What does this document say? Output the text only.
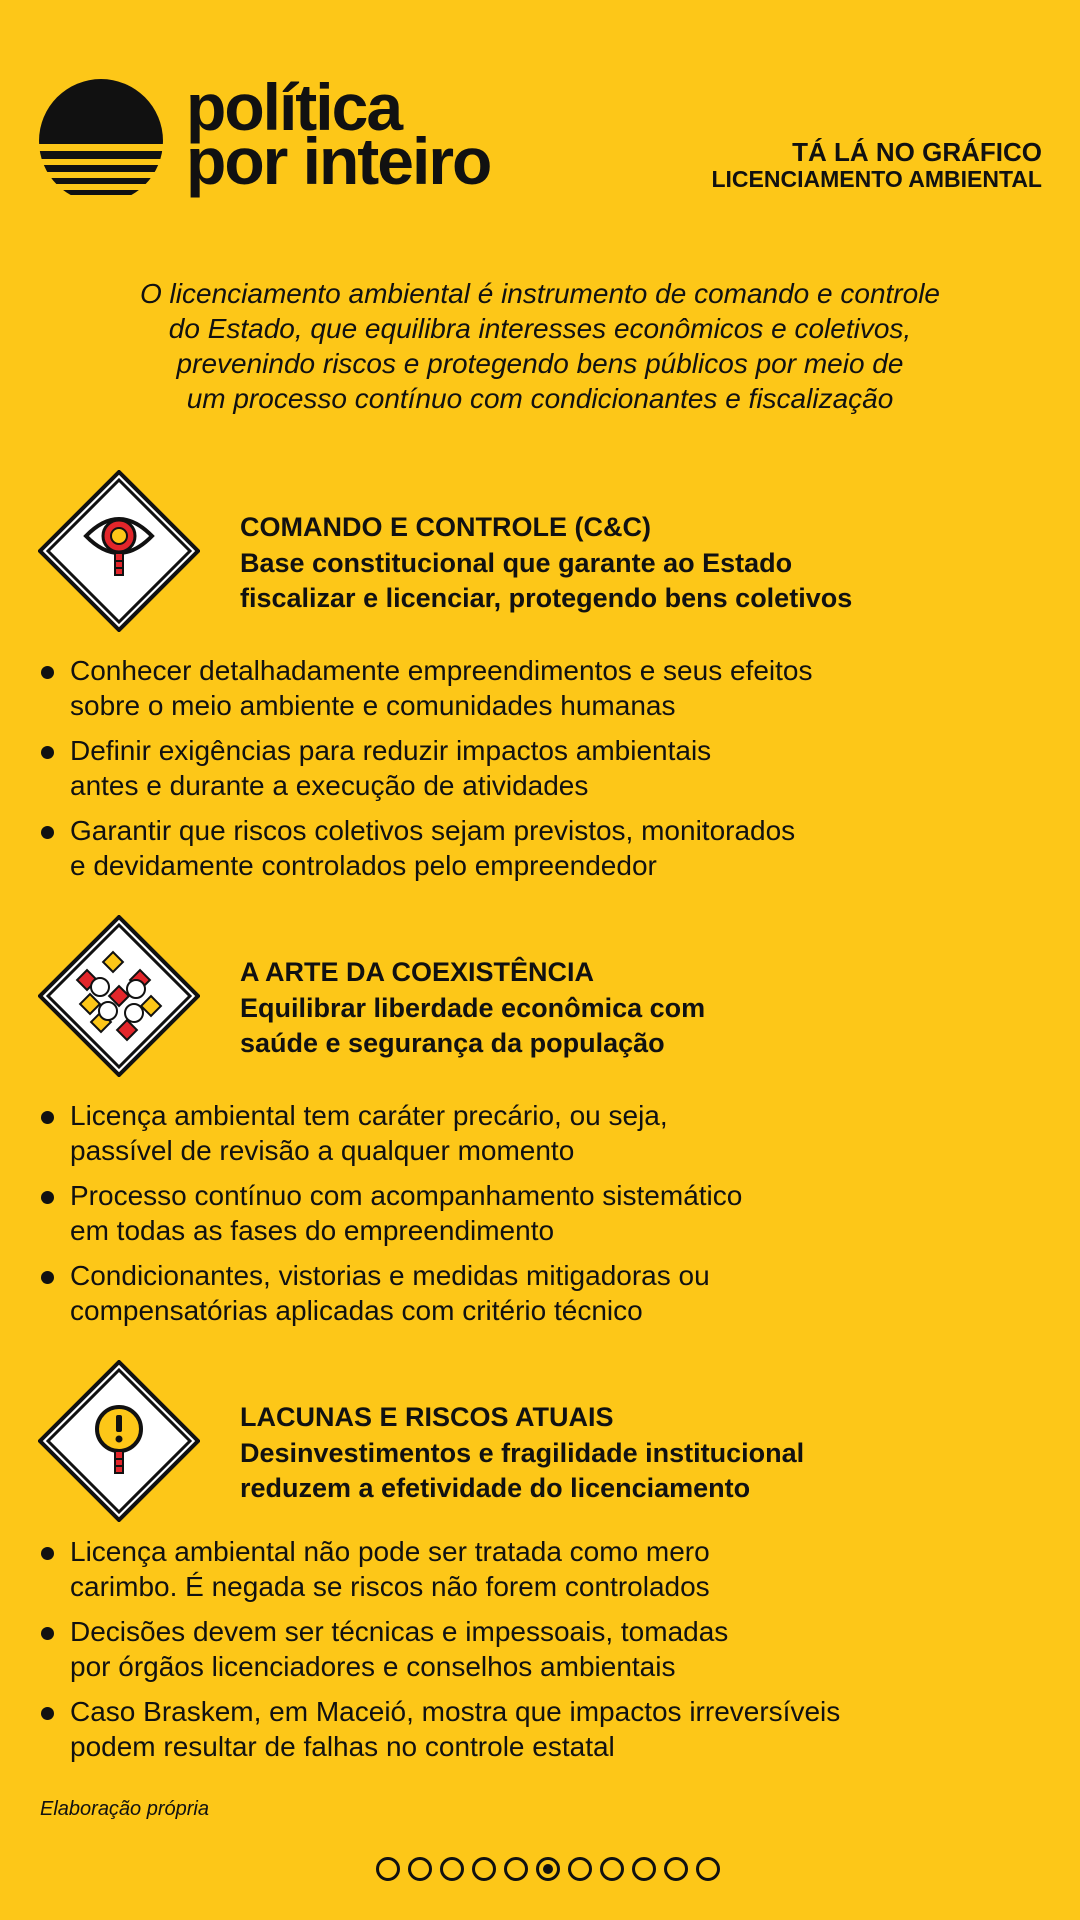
política
por inteiro	TÁ LÁ NO GRÁFICO
LICENCIAMENTO AMBIENTAL
O licenciamento ambiental é instrumento de comando e controle
do Estado, que equilibra interesses econômicos e coletivos,
prevenindo riscos e protegendo bens públicos por meio de
um processo contínuo com condicionantes e fiscalização
COMANDO E CONTROLE (C&C)
Base constitucional que garante ao Estado
fiscalizar e licenciar, protegendo bens coletivos
Conhecer detalhadamente empreendimentos e seus efeitos
sobre o meio ambiente e comunidades humanas
Definir exigências para reduzir impactos ambientais
antes e durante a execução de atividades
Garantir que riscos coletivos sejam previstos, monitorados
e devidamente controlados pelo empreendedor
A ARTE DA COEXISTÊNCIA
Equilibrar liberdade econômica com
saúde e segurança da população
Licença ambiental tem caráter precário, ou seja,
passível de revisão a qualquer momento
Processo contínuo com acompanhamento sistemático
em todas as fases do empreendimento
Condicionantes, vistorias e medidas mitigadoras ou
compensatórias aplicadas com critério técnico
LACUNAS E RISCOS ATUAIS
Desinvestimentos e fragilidade institucional
reduzem a efetividade do licenciamento
Licença ambiental não pode ser tratada como mero
carimbo. É negada se riscos não forem controlados
Decisões devem ser técnicas e impessoais, tomadas
por órgãos licenciadores e conselhos ambientais
Caso Braskem, em Maceió, mostra que impactos irreversíveis
podem resultar de falhas no controle estatal
Elaboração própria
